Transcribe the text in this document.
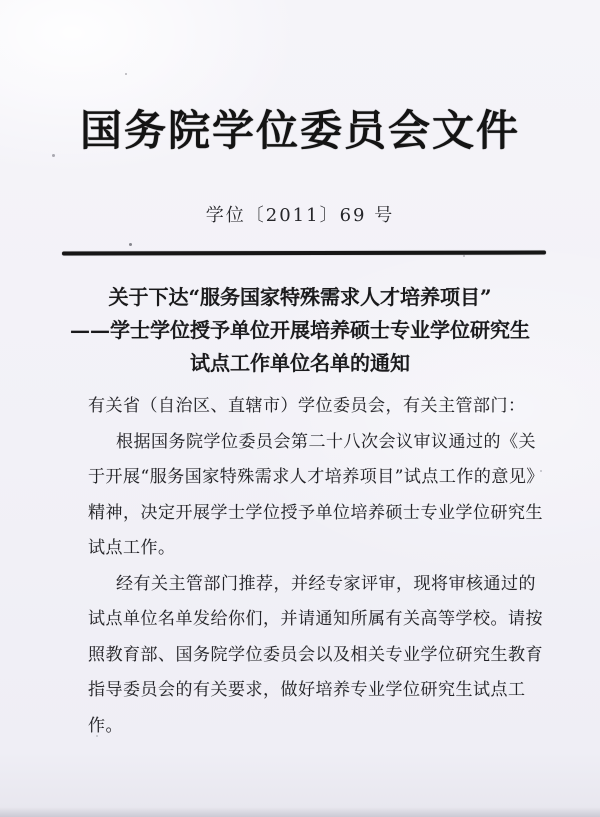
国务院学位委员会文件
学位〔2011〕69 号
关于下达“服务国家特殊需求人才培养项目”
——学士学位授予单位开展培养硕士专业学位研究生
试点工作单位名单的通知
有关省（自治区、直辖市）学位委员会，有关主管部门：
根据国务院学位委员会第二十八次会议审议通过的《关
于开展“服务国家特殊需求人才培养项目”试点工作的意见》
精神，决定开展学士学位授予单位培养硕士专业学位研究生
试点工作。
经有关主管部门推荐，并经专家评审，现将审核通过的
试点单位名单发给你们，并请通知所属有关高等学校。请按
照教育部、国务院学位委员会以及相关专业学位研究生教育
指导委员会的有关要求，做好培养专业学位研究生试点工
作。
